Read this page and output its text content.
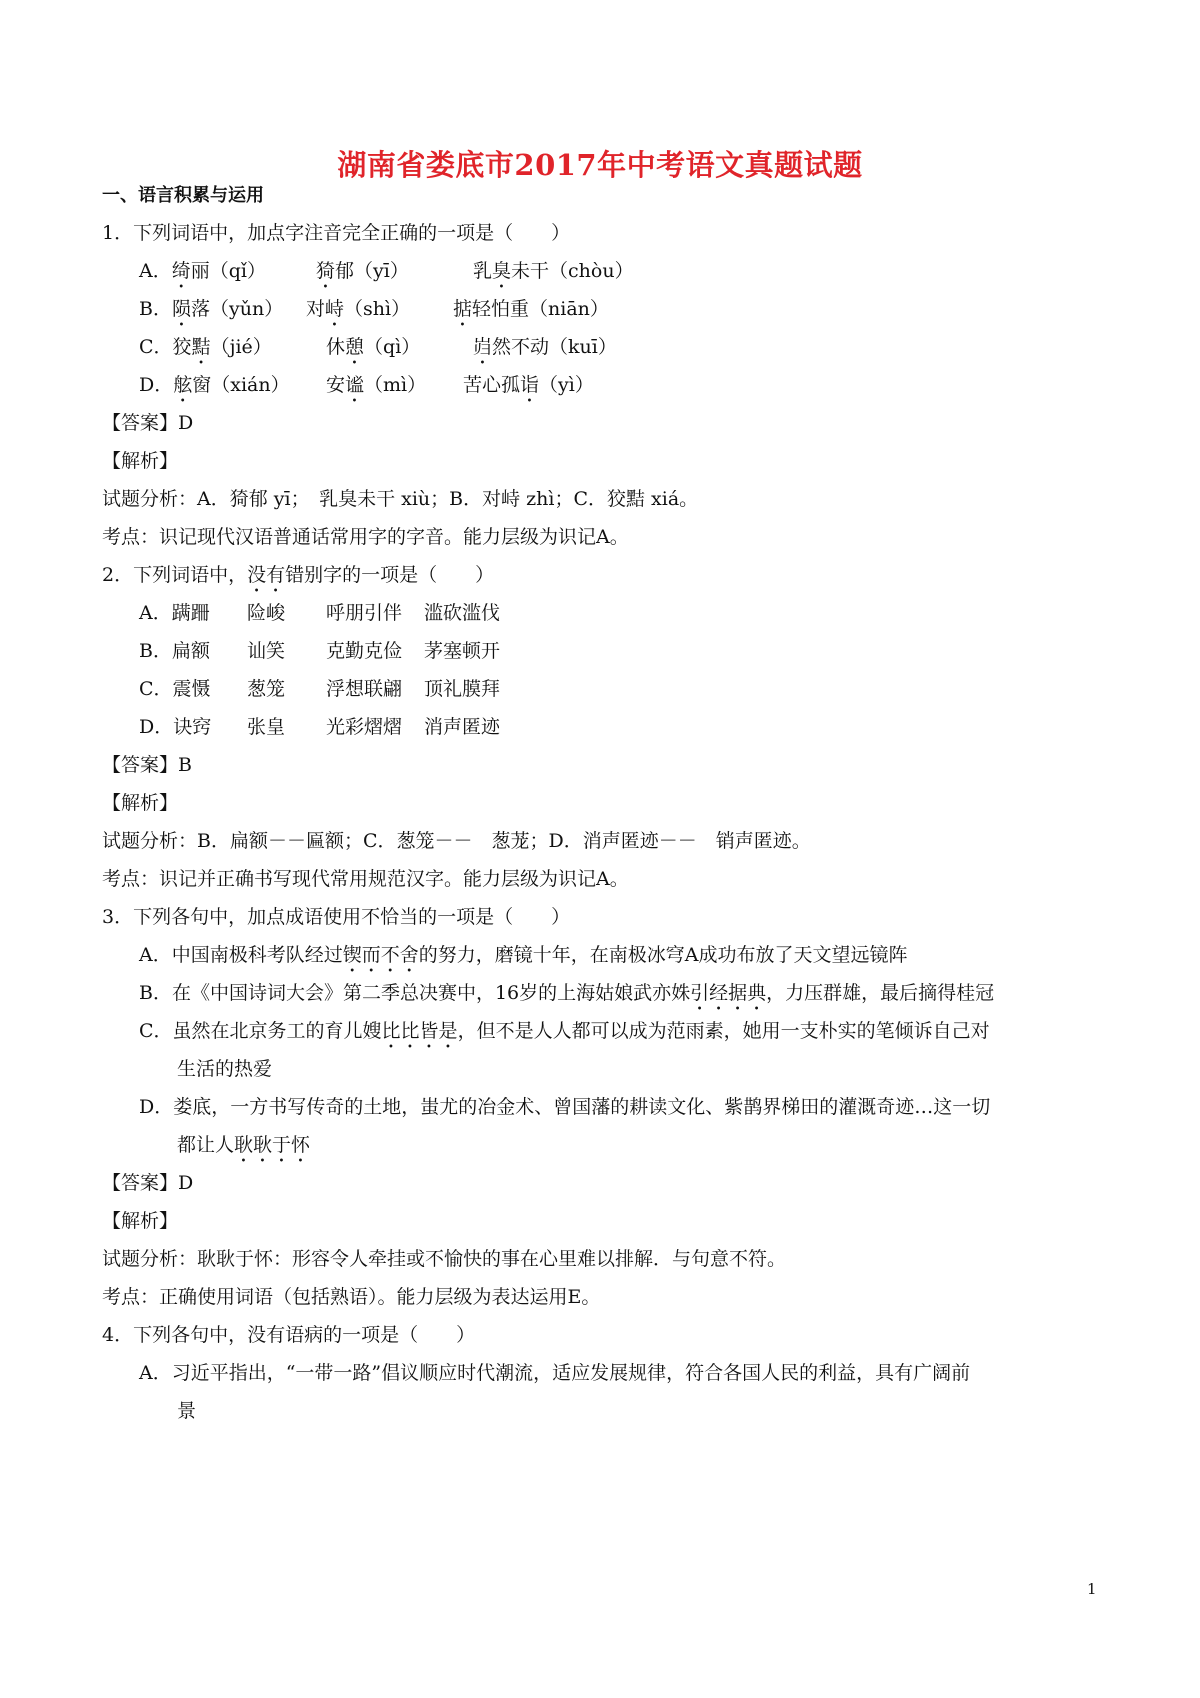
湖南省娄底市2017年中考语文真题试题
一、语言积累与运用
1．下列词语中，加点字注音完全正确的一项是（　　）
A．绮丽（qǐ）	猗郁（yī）	乳臭未干（chòu）
B．陨落（yǔn） 对峙（shì） 掂轻怕重（niān）
C．狡黠（jié）	休憩（qì）	岿然不动（kuī）
D．舷窗（xián） 安谧（mì） 苦心孤诣（yì）
【答案】D
【解析】
试题分析：A．猗郁 yī；　乳臭未干 xiù；B．对峙 zhì；C．狡黠 xiá。
考点：识记现代汉语普通话常用字的字音。能力层级为识记A。
2．下列词语中，没有错别字的一项是（　　）
A．蹒跚 险峻 呼朋引伴 滥砍滥伐
B．扁额 讪笑 克勤克俭 茅塞顿开
C．震慑 葱笼 浮想联翩 顶礼膜拜
D．诀窍 张皇 光彩熠熠 消声匿迹
【答案】B
【解析】
试题分析：B．扁额－－匾额；C．葱笼－－　葱茏；D．消声匿迹－－　销声匿迹。
考点：识记并正确书写现代常用规范汉字。能力层级为识记A。
3．下列各句中，加点成语使用不恰当的一项是（　　）
A．中国南极科考队经过锲而不舍的努力，磨镜十年，在南极冰穹A成功布放了天文望远镜阵
B．在《中国诗词大会》第二季总决赛中，16岁的上海姑娘武亦姝引经据典，力压群雄，最后摘得桂冠
C．虽然在北京务工的育儿嫂比比皆是，但不是人人都可以成为范雨素，她用一支朴实的笔倾诉自己对
生活的热爱
D．娄底，一方书写传奇的土地，蚩尤的冶金术、曾国藩的耕读文化、紫鹊界梯田的灌溉奇迹…这一切
都让人耿耿于怀
【答案】D
【解析】
试题分析：耿耿于怀：形容令人牵挂或不愉快的事在心里难以排解．与句意不符。
考点：正确使用词语（包括熟语）。能力层级为表达运用E。
4．下列各句中，没有语病的一项是（　　）
A．习近平指出，“一带一路”倡议顺应时代潮流，适应发展规律，符合各国人民的利益，具有广阔前
景
1
